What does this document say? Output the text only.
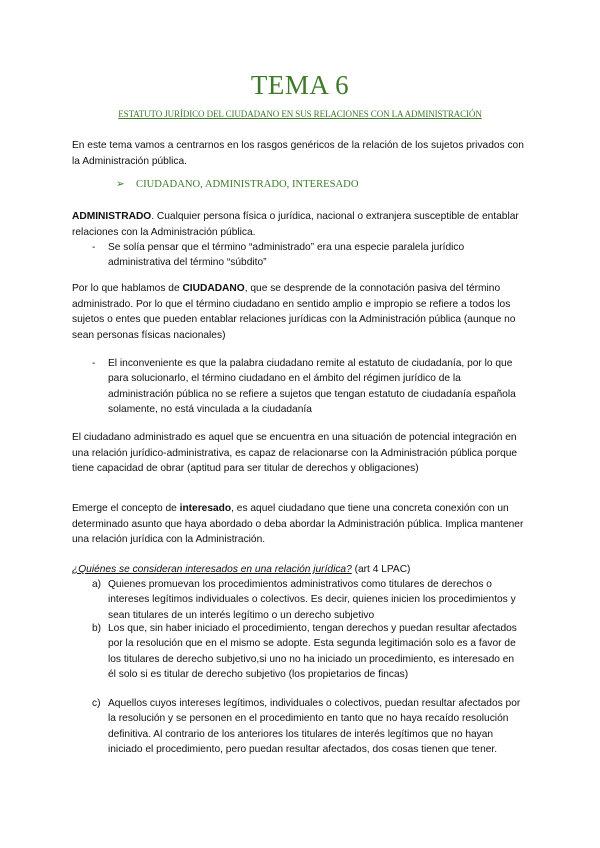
TEMA 6
ESTATUTO JURÍDICO DEL CIUDADANO EN SUS RELACIONES CON LA ADMINISTRACIÓN

En este tema vamos a centrarnos en los rasgos genéricos de la relación de los sujetos privados con la Administración pública.

➢ CIUDADANO, ADMINISTRADO, INTERESADO

ADMINISTRADO. Cualquier persona física o jurídica, nacional o extranjera susceptible de entablar relaciones con la Administración pública.

- Se solía pensar que el término “administrado” era una especie paralela jurídico administrativa del término “súbdito”

Por lo que hablamos de CIUDADANO, que se desprende de la connotación pasiva del término administrado. Por lo que el término ciudadano en sentido amplio e impropio se refiere a todos los sujetos o entes que pueden entablar relaciones jurídicas con la Administración pública (aunque no sean personas físicas nacionales)

- El inconveniente es que la palabra ciudadano remite al estatuto de ciudadanía, por lo que para solucionarlo, el término ciudadano en el ámbito del régimen jurídico de la administración pública no se refiere a sujetos que tengan estatuto de ciudadanía española solamente, no está vinculada a la ciudadanía

El ciudadano administrado es aquel que se encuentra en una situación de potencial integración en una relación jurídico-administrativa, es capaz de relacionarse con la Administración pública porque tiene capacidad de obrar (aptitud para ser titular de derechos y obligaciones)

Emerge el concepto de interesado, es aquel ciudadano que tiene una concreta conexión con un determinado asunto que haya abordado o deba abordar la Administración pública. Implica mantener una relación jurídica con la Administración.

¿Quiénes se consideran interesados en una relación jurídica? (art 4 LPAC)
a) Quienes promuevan los procedimientos administrativos como titulares de derechos o intereses legítimos individuales o colectivos. Es decir, quienes inicien los procedimientos y sean titulares de un interés legítimo o un derecho subjetivo
b) Los que, sin haber iniciado el procedimiento, tengan derechos y puedan resultar afectados por la resolución que en el mismo se adopte. Esta segunda legitimación solo es a favor de los titulares de derecho subjetivo,si uno no ha iniciado un procedimiento, es interesado en él solo si es titular de derecho subjetivo (los propietarios de fincas)
c) Aquellos cuyos intereses legítimos, individuales o colectivos, puedan resultar afectados por la resolución y se personen en el procedimiento en tanto que no haya recaído resolución definitiva. Al contrario de los anteriores los titulares de interés legítimos que no hayan iniciado el procedimiento, pero puedan resultar afectados, dos cosas tienen que tener.
